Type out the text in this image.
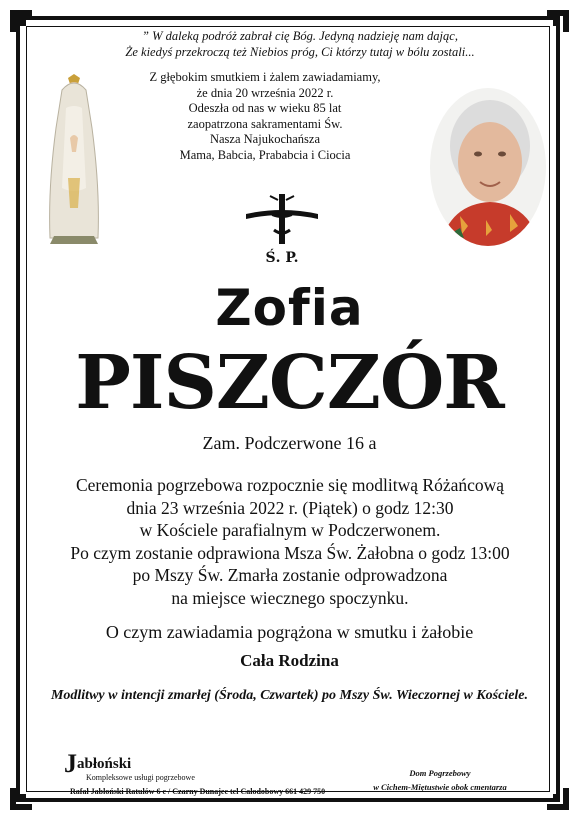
” W daleką podróż zabrał cię Bóg. Jedyną nadzieję nam dając,
Że kiedyś przekroczą też Niebios próg, Ci którzy tutaj w bólu zostali...
Z głębokim smutkiem i żalem zawiadamiamy,
że dnia 20 września 2022 r.
Odeszła od nas w wieku 85 lat
zaopatrzona sakramentami Św.
Nasza Najukochańsza
Mama, Babcia, Prababcia i Ciocia
Ś. P.
Zofia
PISZCZÓR
Zam. Podczerwone 16 a
Ceremonia pogrzebowa rozpocznie się modlitwą Różańcową
dnia 23 września 2022 r. (Piątek) o godz 12:30
w Kościele parafialnym w Podczerwonem.
Po czym zostanie odprawiona Msza Św. Żałobna o godz 13:00
po Mszy Św. Zmarła zostanie odprowadzona
na miejsce wiecznego spoczynku.
O czym zawiadamia pogrążona w smutku i żałobie
Cała Rodzina
Modlitwy w intencji zmarłej (Środa, Czwartek) po Mszy Św. Wieczornej w Kościele.
Jabłoński
Kompleksowe usługi pogrzebowe
Rafał Jabłoński Ratułów 6 c / Czarny Dunajec tel Całodobowy 661 429 750
Dom Pogrzebowy
w Cichem-Miętustwie obok cmentarza
